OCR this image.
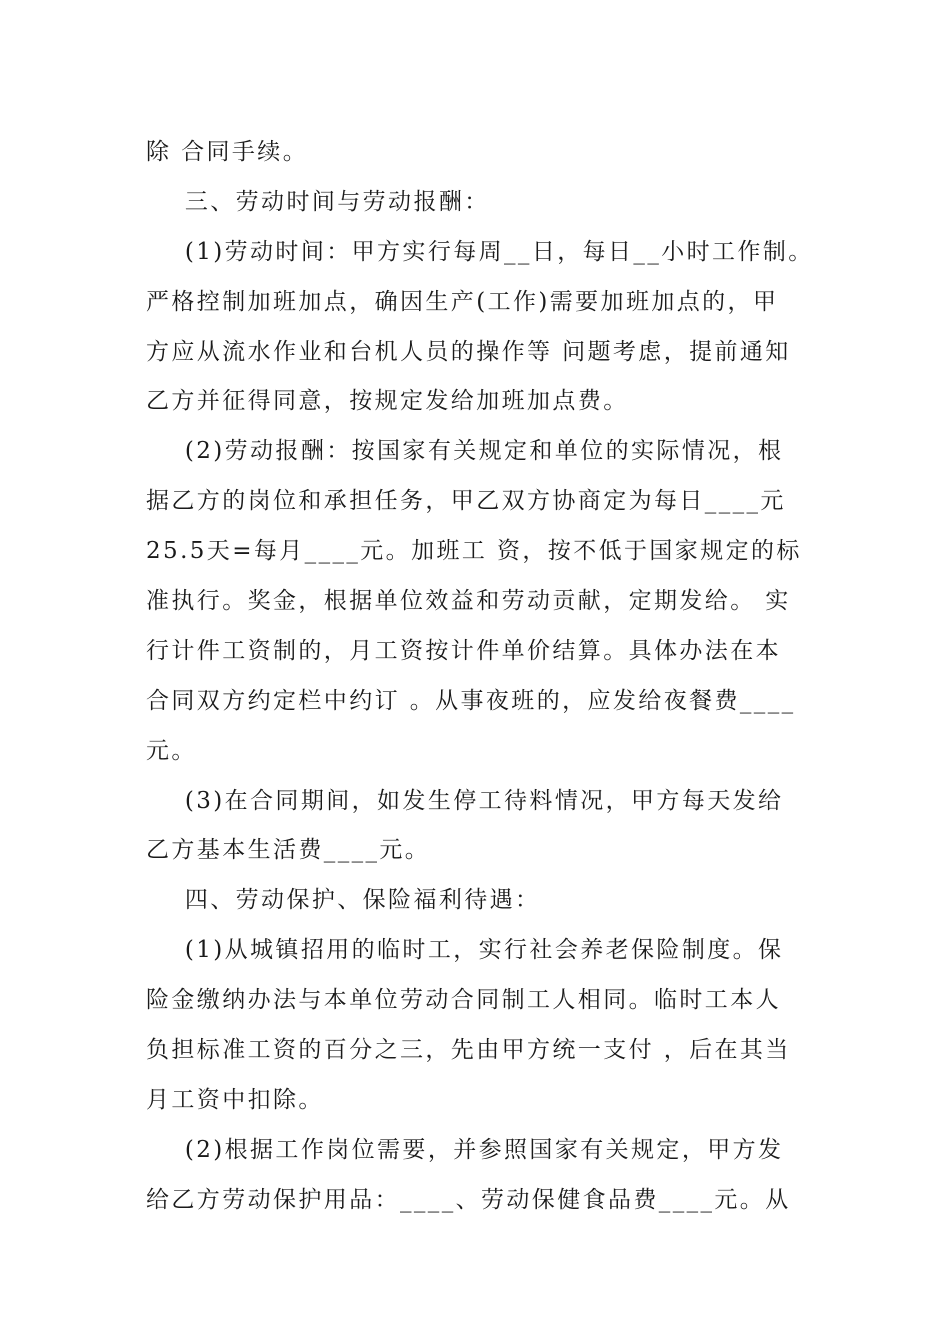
除 合同手续。
三、劳动时间与劳动报酬：
(1)劳动时间：甲方实行每周__日，每日__小时工作制。
严格控制加班加点，确因生产(工作)需要加班加点的，甲
方应从流水作业和台机人员的操作等 问题考虑，提前通知
乙方并征得同意，按规定发给加班加点费。
(2)劳动报酬：按国家有关规定和单位的实际情况，根
据乙方的岗位和承担任务，甲乙双方协商定为每日____元
25.5天=每月____元。加班工 资，按不低于国家规定的标
准执行。奖金，根据单位效益和劳动贡献，定期发给。 实
行计件工资制的，月工资按计件单价结算。具体办法在本
合同双方约定栏中约订 。从事夜班的，应发给夜餐费____
元。
(3)在合同期间，如发生停工待料情况，甲方每天发给
乙方基本生活费____元。
四、劳动保护、保险福利待遇：
(1)从城镇招用的临时工，实行社会养老保险制度。保
险金缴纳办法与本单位劳动合同制工人相同。临时工本人
负担标准工资的百分之三，先由甲方统一支付 ，后在其当
月工资中扣除。
(2)根据工作岗位需要，并参照国家有关规定，甲方发
给乙方劳动保护用品：____、劳动保健食品费____元。从
